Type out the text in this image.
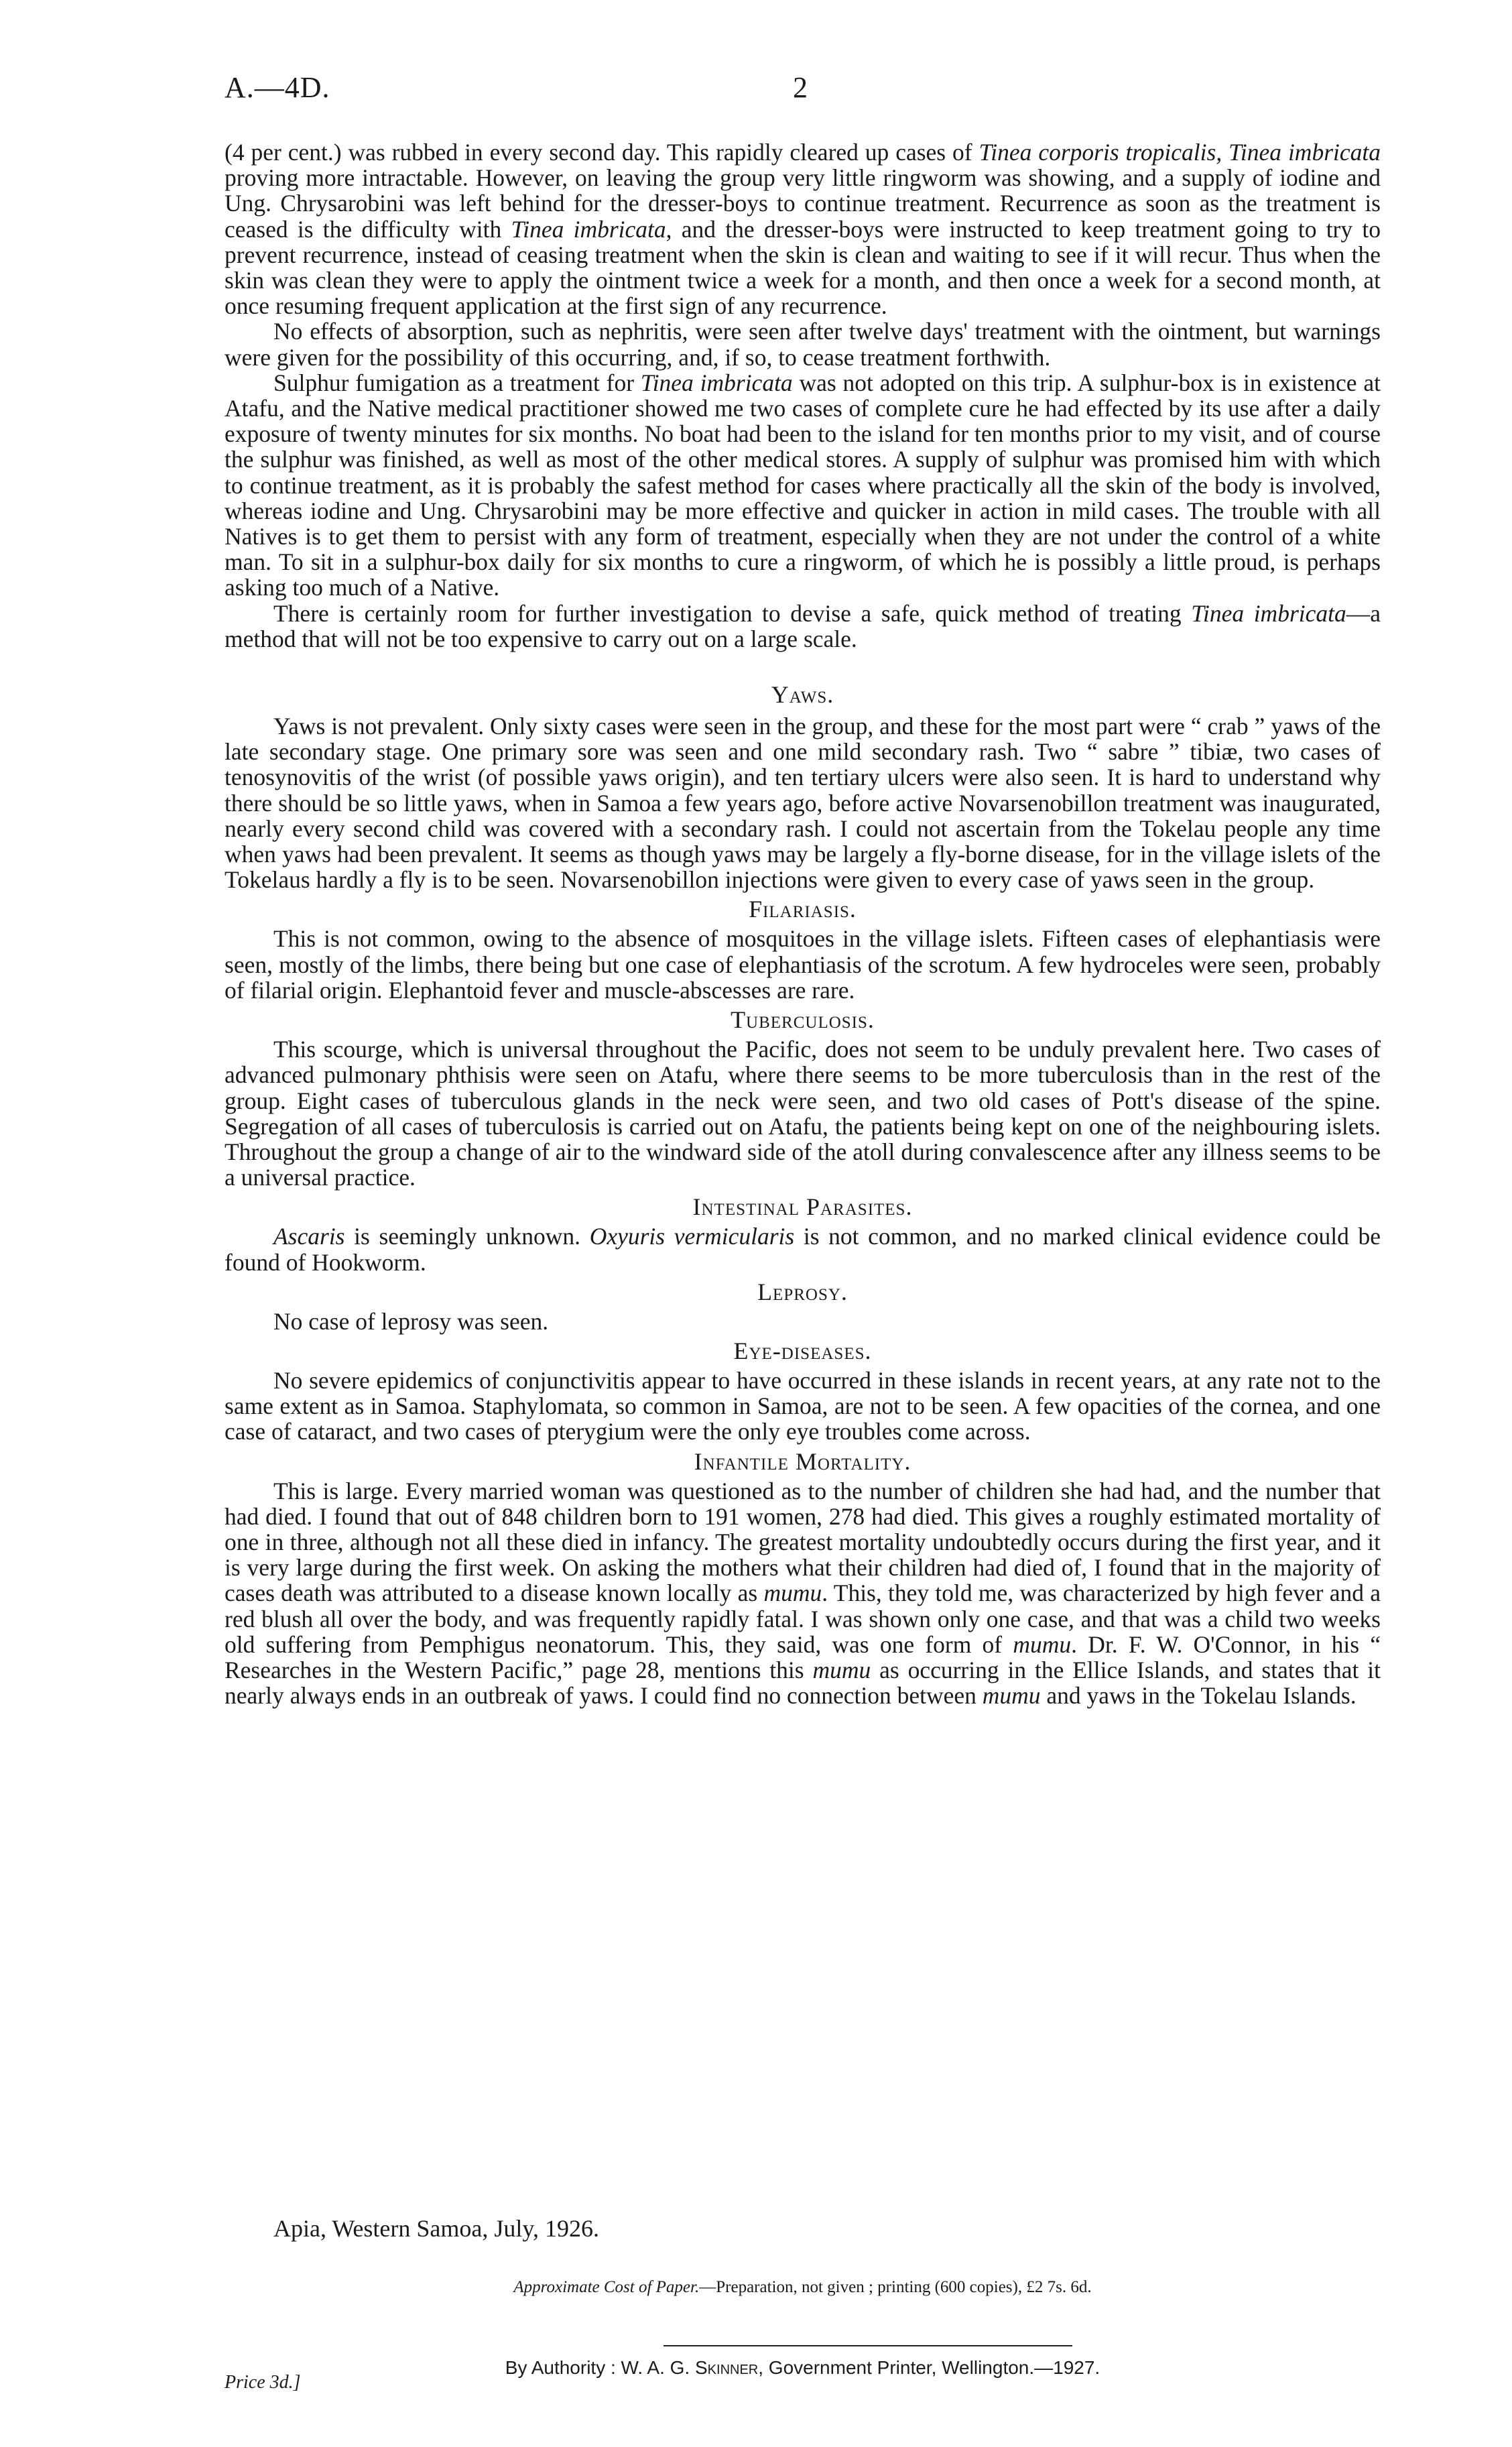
A.—4D.	2

(4 per cent.) was rubbed in every second day. This rapidly cleared up cases of Tinea corporis tropicalis, Tinea imbricata proving more intractable. However, on leaving the group very little ringworm was showing, and a supply of iodine and Ung. Chrysarobini was left behind for the dresser-boys to continue treatment. Recurrence as soon as the treatment is ceased is the difficulty with Tinea imbricata, and the dresser-boys were instructed to keep treatment going to try to prevent recurrence, instead of ceasing treatment when the skin is clean and waiting to see if it will recur. Thus when the skin was clean they were to apply the ointment twice a week for a month, and then once a week for a second month, at once resuming frequent application at the first sign of any recurrence.

No effects of absorption, such as nephritis, were seen after twelve days' treatment with the ointment, but warnings were given for the possibility of this occurring, and, if so, to cease treatment forthwith.

Sulphur fumigation as a treatment for Tinea imbricata was not adopted on this trip. A sulphur-box is in existence at Atafu, and the Native medical practitioner showed me two cases of complete cure he had effected by its use after a daily exposure of twenty minutes for six months. No boat had been to the island for ten months prior to my visit, and of course the sulphur was finished, as well as most of the other medical stores. A supply of sulphur was promised him with which to continue treatment, as it is probably the safest method for cases where practically all the skin of the body is involved, whereas iodine and Ung. Chrysarobini may be more effective and quicker in action in mild cases. The trouble with all Natives is to get them to persist with any form of treatment, especially when they are not under the control of a white man. To sit in a sulphur-box daily for six months to cure a ringworm, of which he is possibly a little proud, is perhaps asking too much of a Native.

There is certainly room for further investigation to devise a safe, quick method of treating Tinea imbricata—a method that will not be too expensive to carry out on a large scale.

Yaws.

Yaws is not prevalent. Only sixty cases were seen in the group, and these for the most part were “ crab ” yaws of the late secondary stage. One primary sore was seen and one mild secondary rash. Two “ sabre ” tibiæ, two cases of tenosynovitis of the wrist (of possible yaws origin), and ten tertiary ulcers were also seen. It is hard to understand why there should be so little yaws, when in Samoa a few years ago, before active Novarsenobillon treatment was inaugurated, nearly every second child was covered with a secondary rash. I could not ascertain from the Tokelau people any time when yaws had been prevalent. It seems as though yaws may be largely a fly-borne disease, for in the village islets of the Tokelaus hardly a fly is to be seen. Novarsenobillon injections were given to every case of yaws seen in the group.

Filariasis.

This is not common, owing to the absence of mosquitoes in the village islets. Fifteen cases of elephantiasis were seen, mostly of the limbs, there being but one case of elephantiasis of the scrotum. A few hydroceles were seen, probably of filarial origin. Elephantoid fever and muscle-abscesses are rare.

Tuberculosis.

This scourge, which is universal throughout the Pacific, does not seem to be unduly prevalent here. Two cases of advanced pulmonary phthisis were seen on Atafu, where there seems to be more tuberculosis than in the rest of the group. Eight cases of tuberculous glands in the neck were seen, and two old cases of Pott's disease of the spine. Segregation of all cases of tuberculosis is carried out on Atafu, the patients being kept on one of the neighbouring islets. Throughout the group a change of air to the windward side of the atoll during convalescence after any illness seems to be a universal practice.

Intestinal Parasites.

Ascaris is seemingly unknown. Oxyuris vermicularis is not common, and no marked clinical evidence could be found of Hookworm.

Leprosy.

No case of leprosy was seen.

Eye-diseases.

No severe epidemics of conjunctivitis appear to have occurred in these islands in recent years, at any rate not to the same extent as in Samoa. Staphylomata, so common in Samoa, are not to be seen. A few opacities of the cornea, and one case of cataract, and two cases of pterygium were the only eye troubles come across.

Infantile Mortality.

This is large. Every married woman was questioned as to the number of children she had had, and the number that had died. I found that out of 848 children born to 191 women, 278 had died. This gives a roughly estimated mortality of one in three, although not all these died in infancy. The greatest mortality undoubtedly occurs during the first year, and it is very large during the first week. On asking the mothers what their children had died of, I found that in the majority of cases death was attributed to a disease known locally as mumu. This, they told me, was characterized by high fever and a red blush all over the body, and was frequently rapidly fatal. I was shown only one case, and that was a child two weeks old suffering from Pemphigus neonatorum. This, they said, was one form of mumu. Dr. F. W. O'Connor, in his “ Researches in the Western Pacific,” page 28, mentions this mumu as occurring in the Ellice Islands, and states that it nearly always ends in an outbreak of yaws. I could find no connection between mumu and yaws in the Tokelau Islands.

Apia, Western Samoa, July, 1926.
Approximate Cost of Paper.—Preparation, not given ; printing (600 copies), £2 7s. 6d.
By Authority : W. A. G. Skinner, Government Printer, Wellington.—1927.
Price 3d.]
